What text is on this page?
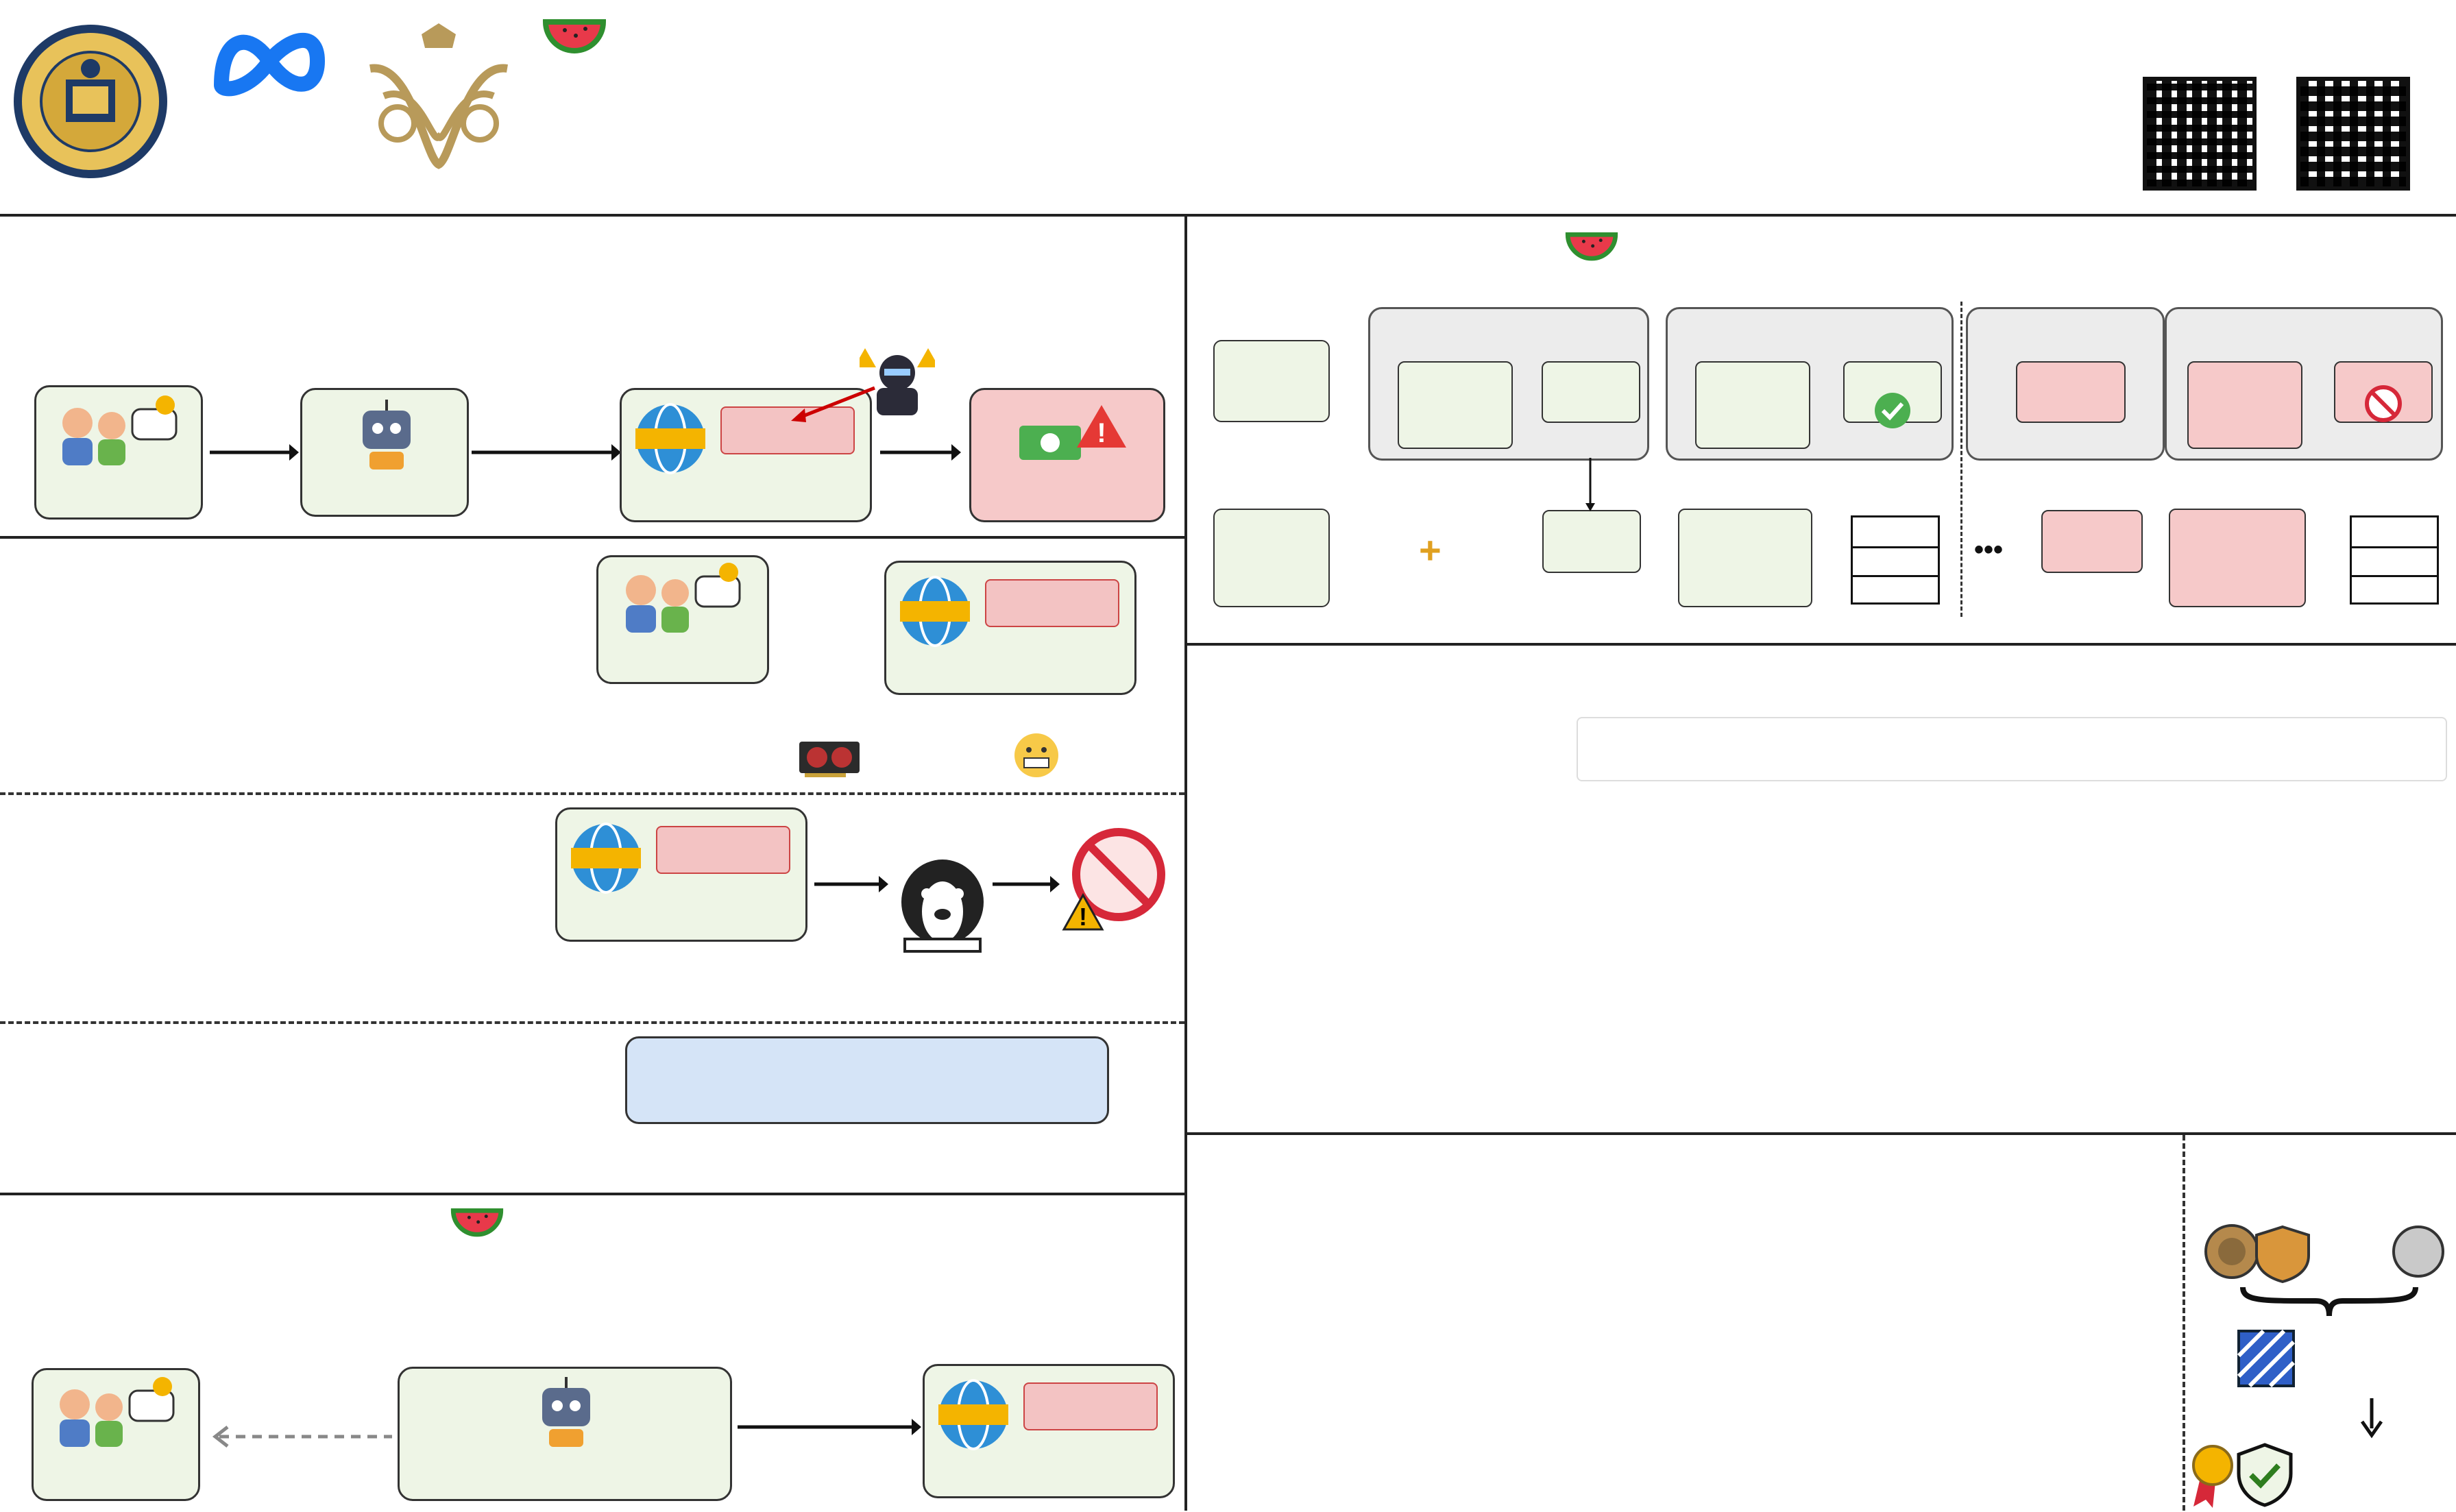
!

!

+	•••
